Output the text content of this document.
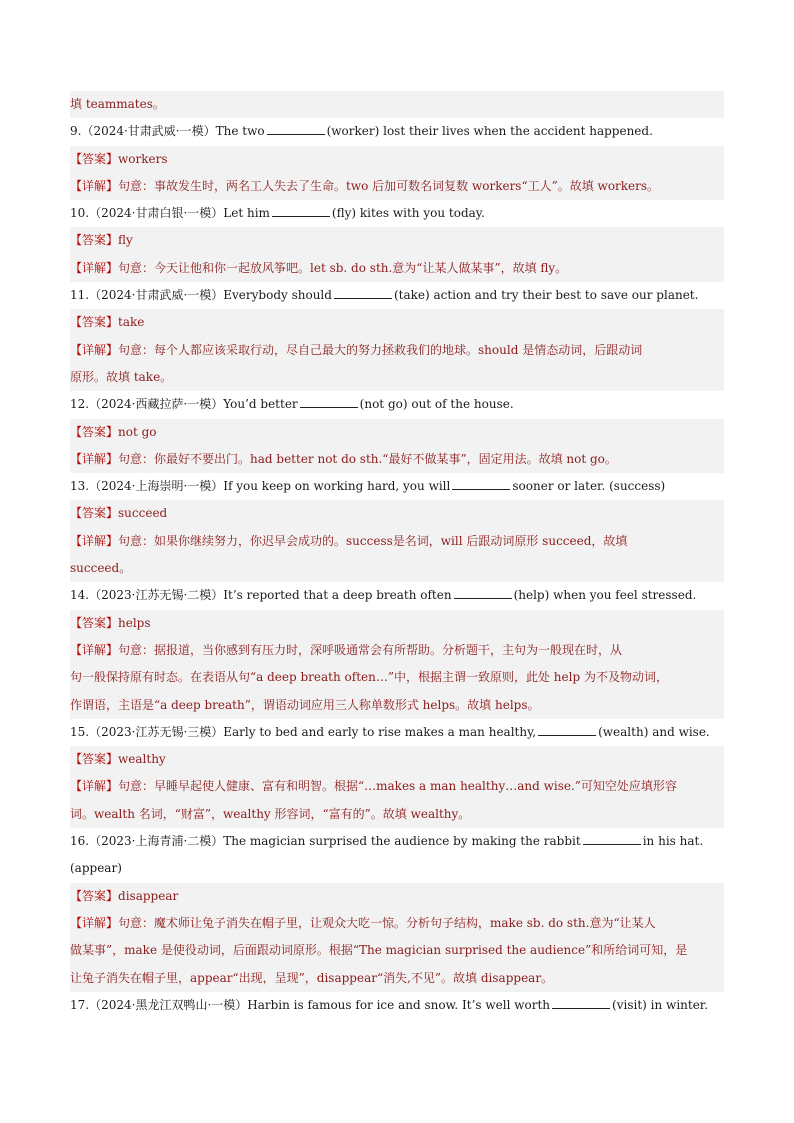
填 teammates。
9.（2024·甘肃武威·一模）The two	(worker) lost their lives when the accident happened.
【答案】workers
【详解】句意：事故发生时，两名工人失去了生命。two 后加可数名词复数 workers“工人”。故填 workers。
10.（2024·甘肃白银·一模）Let him	(fly) kites with you today.
【答案】fly
【详解】句意：今天让他和你一起放风筝吧。let sb. do sth.意为“让某人做某事”，故填 fly。
11.（2024·甘肃武威·一模）Everybody should	(take) action and try their best to save our planet.
【答案】take
【详解】句意：每个人都应该采取行动，尽自己最大的努力拯救我们的地球。should 是情态动词，后跟动词
原形。故填 take。
12.（2024·西藏拉萨·一模）You’d better	(not go) out of the house.
【答案】not go
【详解】句意：你最好不要出门。had better not do sth.“最好不做某事”，固定用法。故填 not go。
13.（2024·上海崇明·一模）If you keep on working hard, you will	sooner or later. (success)
【答案】succeed
【详解】句意：如果你继续努力，你迟早会成功的。success是名词，will 后跟动词原形 succeed，故填
succeed。
14.（2023·江苏无锡·二模）It’s reported that a deep breath often	(help) when you feel stressed.
【答案】helps
【详解】句意：据报道，当你感到有压力时，深呼吸通常会有所帮助。分析题干，主句为一般现在时，从
句一般保持原有时态。在表语从句“a deep breath often…”中，根据主谓一致原则，此处 help 为不及物动词，
作谓语，主语是“a deep breath”，谓语动词应用三人称单数形式 helps。故填 helps。
15.（2023·江苏无锡·三模）Early to bed and early to rise makes a man healthy,	(wealth) and wise.
【答案】wealthy
【详解】句意：早睡早起使人健康、富有和明智。根据“…makes a man healthy…and wise.”可知空处应填形容
词。wealth 名词，“财富”，wealthy 形容词，“富有的”。故填 wealthy。
16.（2023·上海青浦·二模）The magician surprised the audience by making the rabbit	in his hat.
(appear)
【答案】disappear
【详解】句意：魔术师让兔子消失在帽子里，让观众大吃一惊。分析句子结构，make sb. do sth.意为“让某人
做某事”，make 是使役动词，后面跟动词原形。根据“The magician surprised the audience”和所给词可知，是
让兔子消失在帽子里，appear“出现，呈现”，disappear“消失,不见”。故填 disappear。
17.（2024·黑龙江双鸭山·一模）Harbin is famous for ice and snow. It’s well worth	(visit) in winter.
